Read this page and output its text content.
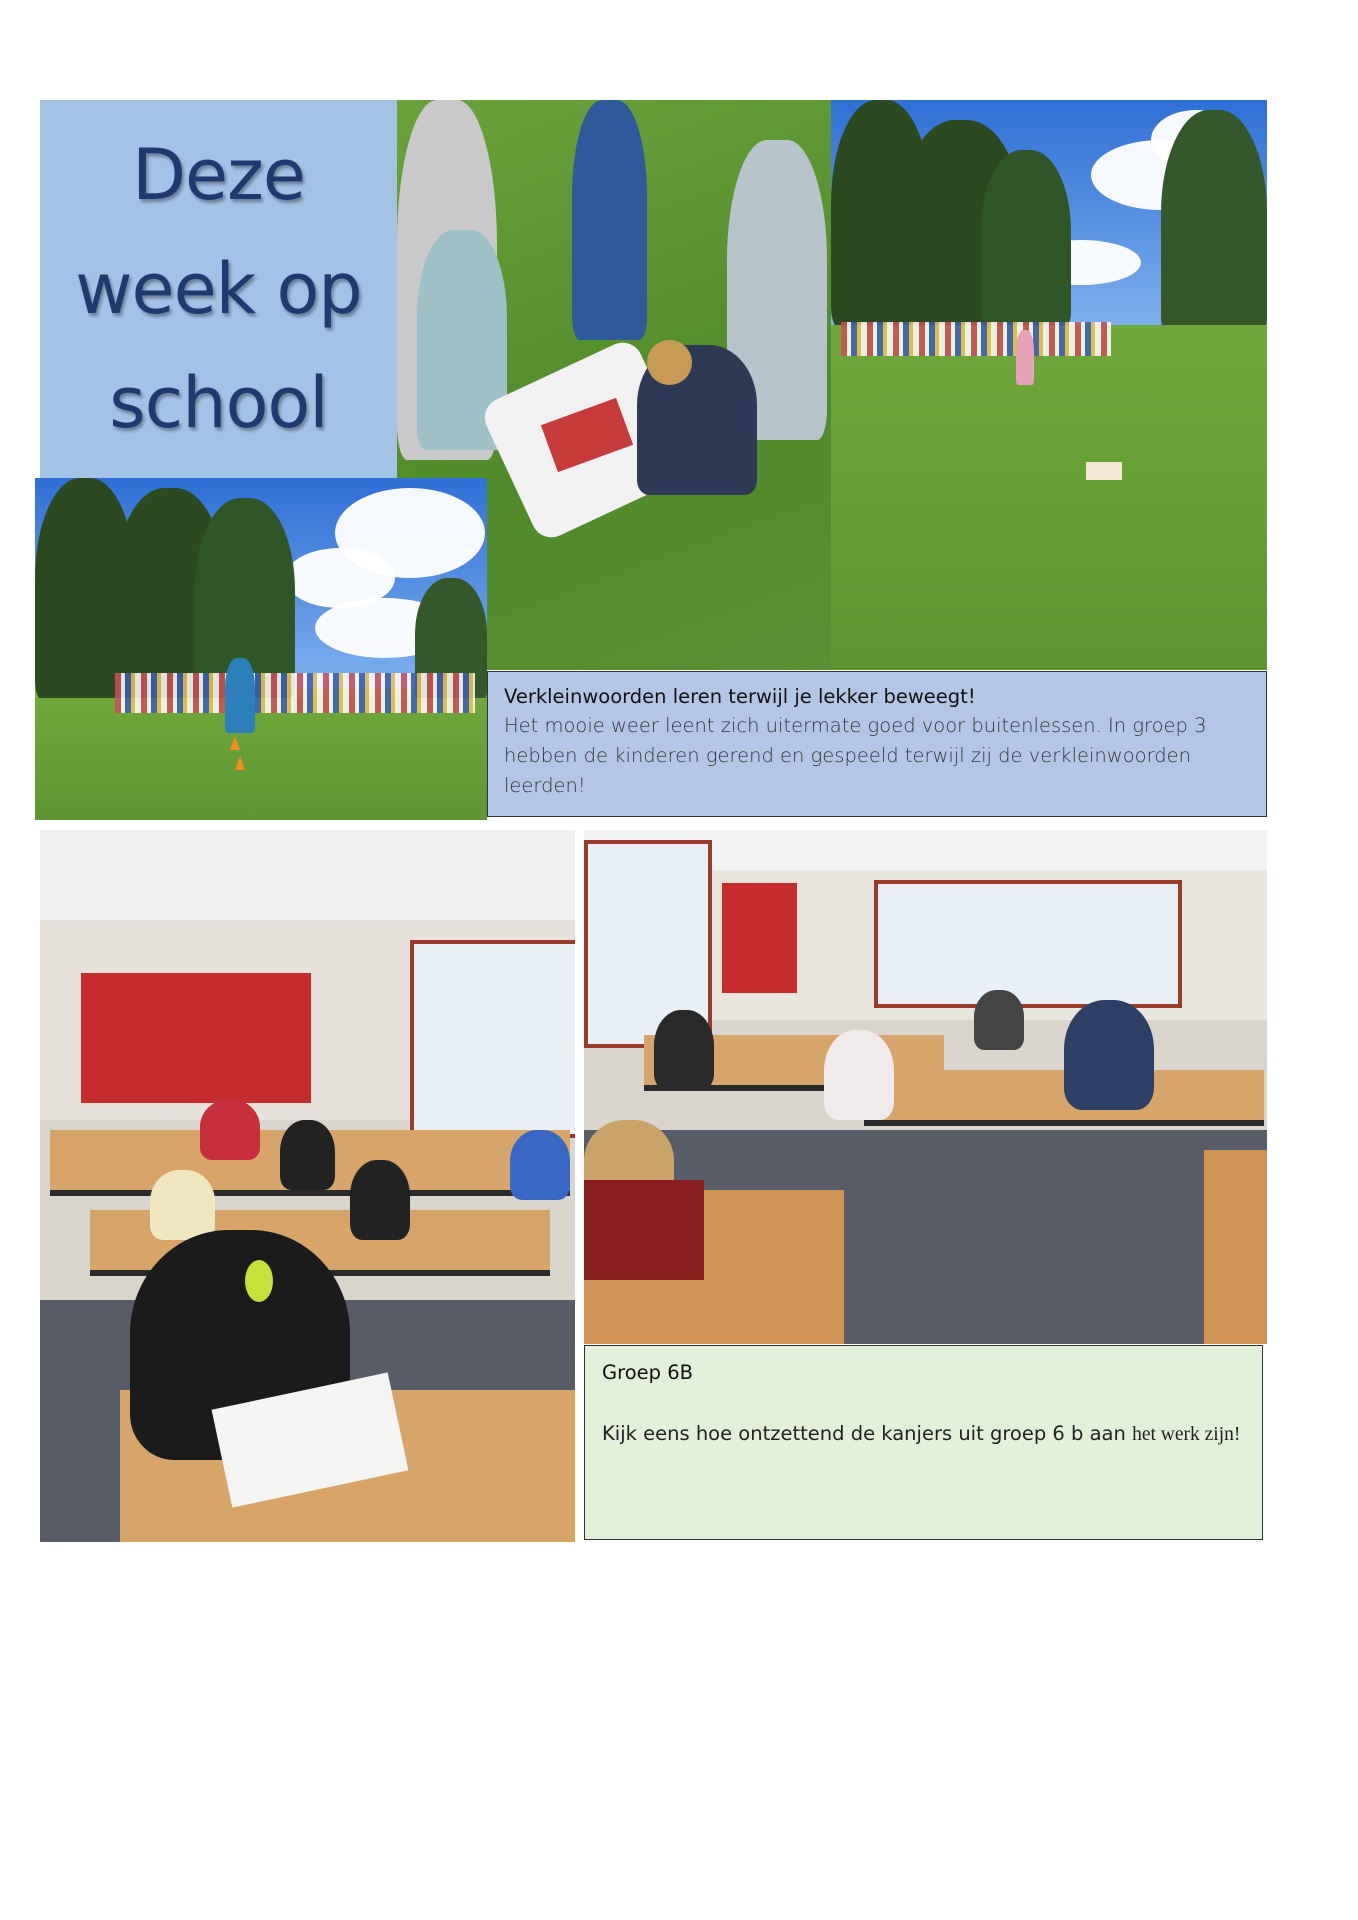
Deze
week op
school
Verkleinwoorden leren terwijl je lekker beweegt!
Het mooie weer leent zich uitermate goed voor buitenlessen. In groep 3 hebben de kinderen gerend en gespeeld terwijl zij de verkleinwoorden leerden!
Groep 6B
Kijk eens hoe ontzettend de kanjers uit groep 6 b aan het werk zijn!
